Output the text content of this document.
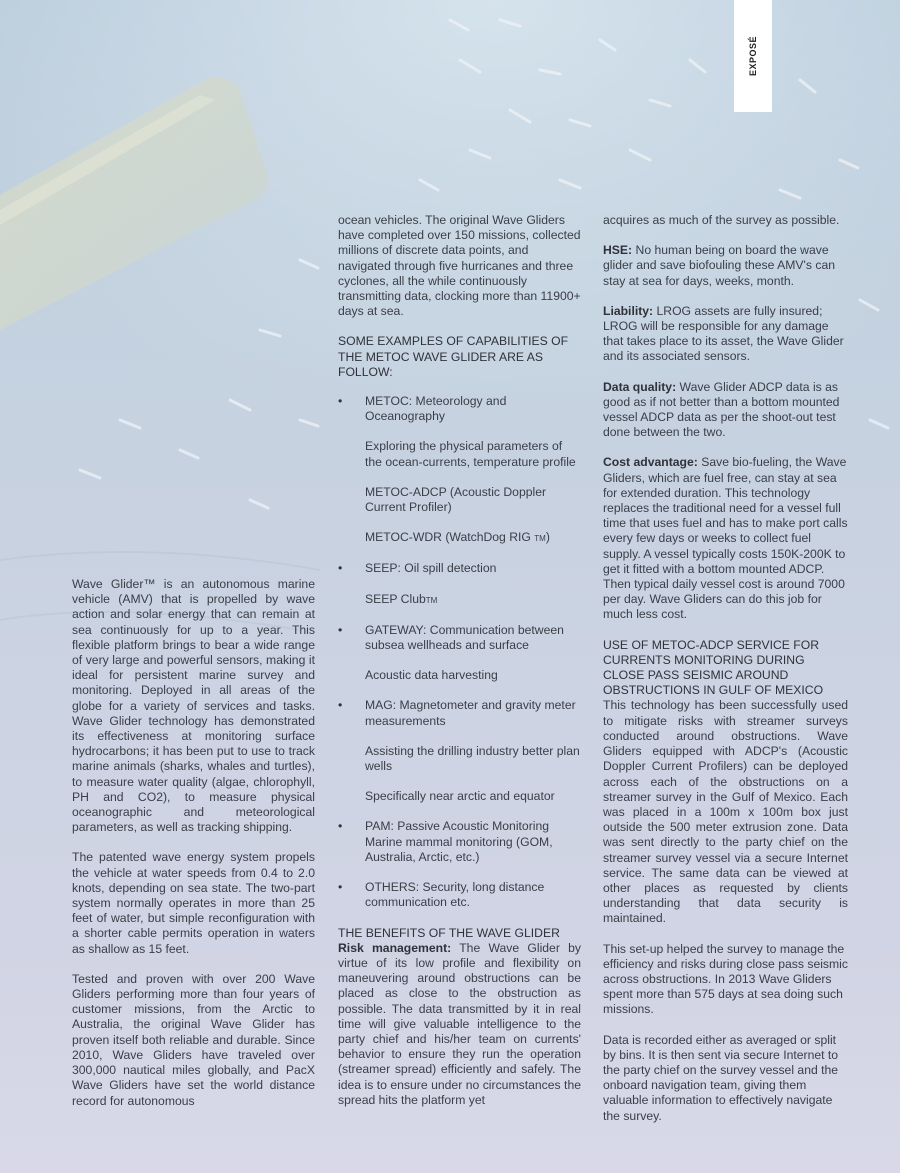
EXPOSÉ

Wave Glider™ is an autonomous marine vehicle (AMV) that is propelled by wave action and solar energy that can remain at sea continuously for up to a year. This flexible platform brings to bear a wide range of very large and powerful sensors, making it ideal for persistent marine survey and monitoring. Deployed in all areas of the globe for a variety of services and tasks. Wave Glider technology has demonstrated its effectiveness at monitoring surface hydrocarbons; it has been put to use to track marine animals (sharks, whales and turtles), to measure water quality (algae, chlorophyll, PH and CO2), to measure physical oceanographic and meteorological parameters, as well as tracking shipping.

The patented wave energy system propels the vehicle at water speeds from 0.4 to 2.0 knots, depending on sea state. The two-part system normally operates in more than 25 feet of water, but simple reconfiguration with a shorter cable permits operation in waters as shallow as 15 feet.

Tested and proven with over 200 Wave Gliders performing more than four years of customer missions, from the Arctic to Australia, the original Wave Glider has proven itself both reliable and durable. Since 2010, Wave Gliders have traveled over 300,000 nautical miles globally, and PacX Wave Gliders have set the world distance record for autonomous

ocean vehicles. The original Wave Gliders have completed over 150 missions, collected millions of discrete data points, and navigated through five hurricanes and three cyclones, all the while continuously transmitting data, clocking more than 11900+ days at sea.

SOME EXAMPLES OF CAPABILITIES OF THE METOC WAVE GLIDER ARE AS FOLLOW:
• METOC: Meteorology and Oceanography
Exploring the physical parameters of the ocean-currents, temperature profile
METOC-ADCP (Acoustic Doppler Current Profiler)
METOC-WDR (WatchDog RIG TM)
• SEEP: Oil spill detection
SEEP ClubTM
• GATEWAY: Communication between subsea wellheads and surface
Acoustic data harvesting
• MAG: Magnetometer and gravity meter measurements
Assisting the drilling industry better plan wells
Specifically near arctic and equator
• PAM: Passive Acoustic Monitoring Marine mammal monitoring (GOM, Australia, Arctic, etc.)
• OTHERS: Security, long distance communication etc.
THE BENEFITS OF THE WAVE GLIDER

Risk management: The Wave Glider by virtue of its low profile and flexibility on maneuvering around obstructions can be placed as close to the obstruction as possible. The data transmitted by it in real time will give valuable intelligence to the party chief and his/her team on currents' behavior to ensure they run the operation (streamer spread) efficiently and safely. The idea is to ensure under no circumstances the spread hits the platform yet

acquires as much of the survey as possible.

HSE: No human being on board the wave glider and save biofouling these AMV's can stay at sea for days, weeks, month.

Liability: LROG assets are fully insured; LROG will be responsible for any damage that takes place to its asset, the Wave Glider and its associated sensors.

Data quality: Wave Glider ADCP data is as good as if not better than a bottom mounted vessel ADCP data as per the shoot-out test done between the two.

Cost advantage: Save bio-fueling, the Wave Gliders, which are fuel free, can stay at sea for extended duration. This technology replaces the traditional need for a vessel full time that uses fuel and has to make port calls every few days or weeks to collect fuel supply. A vessel typically costs 150K-200K to get it fitted with a bottom mounted ADCP. Then typical daily vessel cost is around 7000 per day. Wave Gliders can do this job for much less cost.

USE OF METOC-ADCP SERVICE FOR CURRENTS MONITORING DURING CLOSE PASS SEISMIC AROUND OBSTRUCTIONS IN GULF OF MEXICO

This technology has been successfully used to mitigate risks with streamer surveys conducted around obstructions. Wave Gliders equipped with ADCP's (Acoustic Doppler Current Profilers) can be deployed across each of the obstructions on a streamer survey in the Gulf of Mexico. Each was placed in a 100m x 100m box just outside the 500 meter extrusion zone. Data was sent directly to the party chief on the streamer survey vessel via a secure Internet service. The same data can be viewed at other places as requested by clients understanding that data security is maintained.

This set-up helped the survey to manage the efficiency and risks during close pass seismic across obstructions. In 2013 Wave Gliders spent more than 575 days at sea doing such missions.

Data is recorded either as averaged or split by bins. It is then sent via secure Internet to the party chief on the survey vessel and the onboard navigation team, giving them valuable information to effectively navigate the survey.
